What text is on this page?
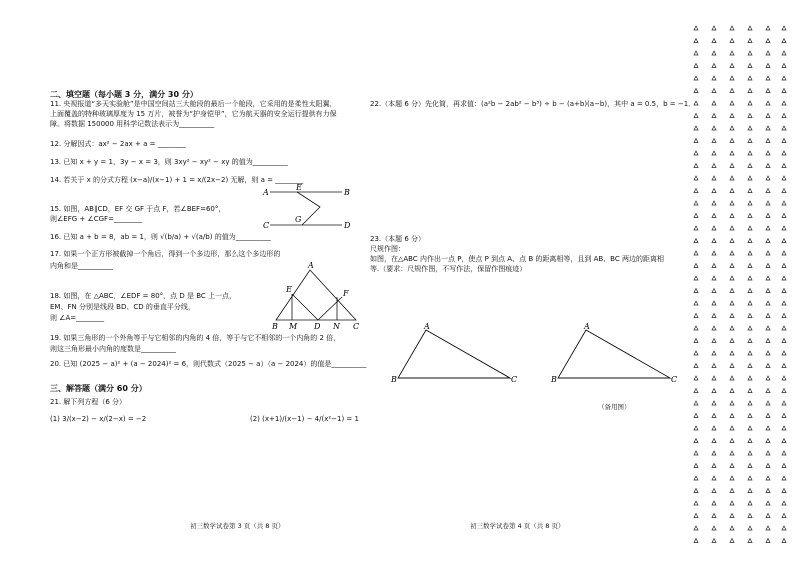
二、填空题（每小题 3 分，满分 30 分）
11. 央视报道“多天实验舱”是中国空间站三大舱段的最后一个舱段，它采用的是柔性太阳翼，
上面覆盖的特种玻璃厚度为 15 万片，被誉为“护身铠甲”，它为航天器的安全运行提供有力保
障。将数据 150000 用科学记数法表示为__________
12. 分解因式：ax² − 2ax + a = ________
13. 已知 x + y = 1，3y − x = 3，则 3xy² − xy² − xy 的值为__________
14. 若关于 x 的分式方程 (x−a)/(x−1) + 1 = x/(2x−2) 无解，则 a = ________
15. 如图，AB∥CD，EF 交 GF 于点 F，若∠BEF=60°，
则∠EFG + ∠CGF=________
16. 已知 a + b = 8，ab = 1，则 √(b/a) + √(a/b) 的值为__________
17. 如果一个正方形被截掉一个角后，得到一个多边形，那么这个多边形的
内角和是__________
18. 如图，在 △ABC，∠EDF = 80°，点 D 是 BC 上一点，
EM、FN 分别是线段 BD、CD 的垂直平分线，
则 ∠A=________
19. 如果三角形的一个外角等于与它相邻的内角的 4 倍，等于与它不相邻的一个内角的 2 倍，
则这三角形最小内角的度数是__________
20. 已知 (2025 − a)² + (a − 2024)² = 6，则代数式（2025 − a）（a − 2024）的值是__________
三、解答题（满分 60 分）
21. 解下列方程（6 分）
(1) 3/(x−2) − x/(2−x) = −2	(2) (x+1)/(x−1) − 4/(x²−1) = 1
初三数学试卷第 3 页（共 8 页）
A
E
B
C
G
D
A
E	F
B M D N C
22.（本题 6 分）先化简，再求值：(a²b − 2ab² − b³) ÷ b − (a+b)(a−b)，其中 a = 0.5，b = −1．
23.（本题 6 分）
尺规作图：
如图，在△ABC 内作出一点 P，使点 P 到点 A、点 B 的距离相等，且到 AB、BC 两边的距离相
等.（要求：尺规作图，不写作法，保留作图痕迹）
A
B	C
A
B	C
（备用图）
初三数学试卷第 4 页（共 8 页）
